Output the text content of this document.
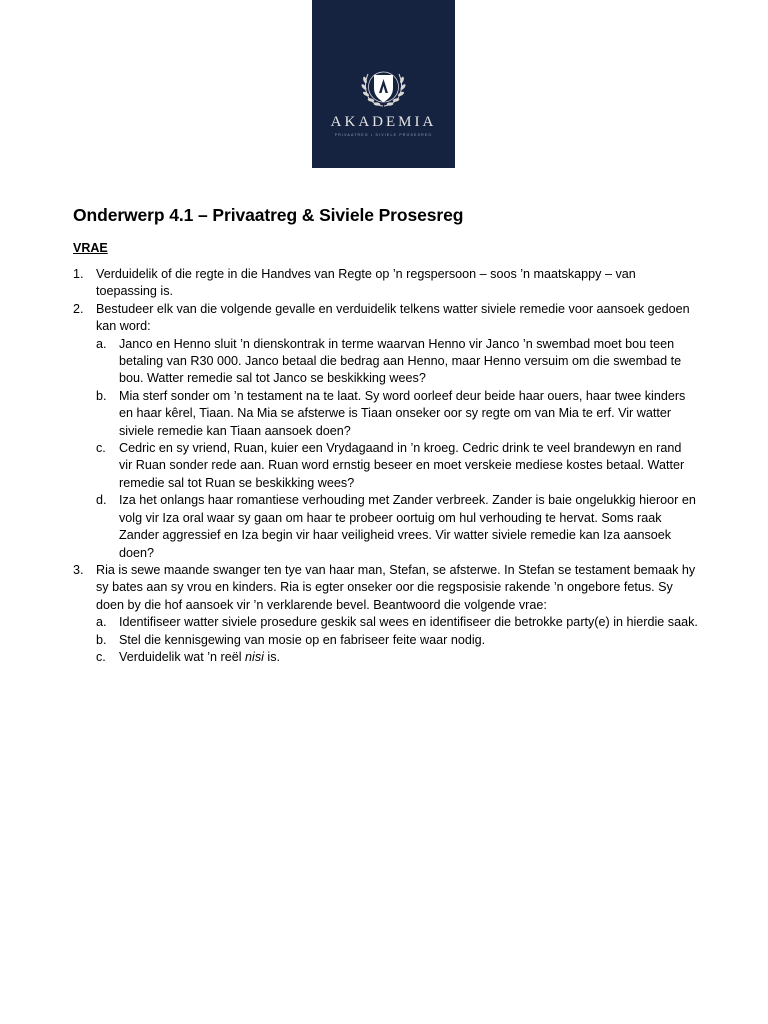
AKADEMIA
PRIVAATREG • SIVIELE PROSESREG
Onderwerp 4.1 – Privaatreg & Siviele Prosesreg
VRAE
1. Verduidelik of die regte in die Handves van Regte op ’n regspersoon – soos ’n maatskappy – van toepassing is.
2. Bestudeer elk van die volgende gevalle en verduidelik telkens watter siviele remedie voor aansoek gedoen kan word:
a. Janco en Henno sluit ’n dienskontrak in terme waarvan Henno vir Janco ’n swembad moet bou teen betaling van R30 000. Janco betaal die bedrag aan Henno, maar Henno versuim om die swembad te bou. Watter remedie sal tot Janco se beskikking wees?
b. Mia sterf sonder om ’n testament na te laat. Sy word oorleef deur beide haar ouers, haar twee kinders en haar kêrel, Tiaan. Na Mia se afsterwe is Tiaan onseker oor sy regte om van Mia te erf. Vir watter siviele remedie kan Tiaan aansoek doen?
c. Cedric en sy vriend, Ruan, kuier een Vrydagaand in ’n kroeg. Cedric drink te veel brandewyn en rand vir Ruan sonder rede aan. Ruan word ernstig beseer en moet verskeie mediese kostes betaal. Watter remedie sal tot Ruan se beskikking wees?
d. Iza het onlangs haar romantiese verhouding met Zander verbreek. Zander is baie ongelukkig hieroor en volg vir Iza oral waar sy gaan om haar te probeer oortuig om hul verhouding te hervat. Soms raak Zander aggressief en Iza begin vir haar veiligheid vrees. Vir watter siviele remedie kan Iza aansoek doen?
3. Ria is sewe maande swanger ten tye van haar man, Stefan, se afsterwe. In Stefan se testament bemaak hy sy bates aan sy vrou en kinders. Ria is egter onseker oor die regsposisie rakende ’n ongebore fetus. Sy doen by die hof aansoek vir ’n verklarende bevel. Beantwoord die volgende vrae:
a. Identifiseer watter siviele prosedure geskik sal wees en identifiseer die betrokke party(e) in hierdie saak.
b. Stel die kennisgewing van mosie op en fabriseer feite waar nodig.
c. Verduidelik wat ’n reël nisi is.
